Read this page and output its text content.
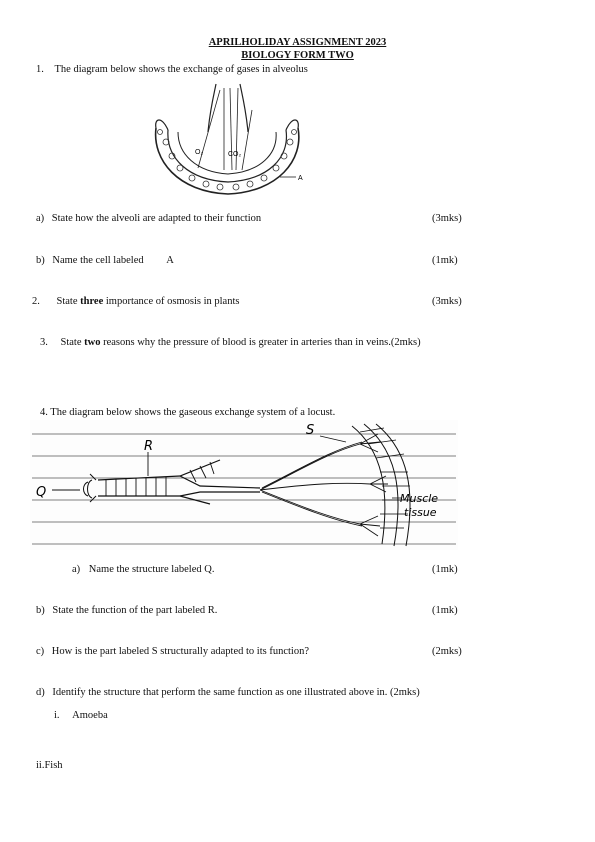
APRILHOLIDAY ASSIGNMENT 2023
BIOLOGY FORM TWO
1. The diagram below shows the exchange of gases in alveolus
O₂	CO₂
A
a) State how the alveoli are adapted to their function	(3mks)
b) Name the cell labeled A	(1mk)
2. State three importance of osmosis in plants	(3mks)
3. State two reasons why the pressure of blood is greater in arteries than in veins.(2mks)
4. The diagram below shows the gaseous exchange system of a locust.
S
R
Q	Muscle
tissue
a) Name the structure labeled Q.	(1mk)
b) State the function of the part labeled R.	(1mk)
c) How is the part labeled S structurally adapted to its function?	(2mks)
d) Identify the structure that perform the same function as one illustrated above in. (2mks)
i. Amoeba
ii.Fish
